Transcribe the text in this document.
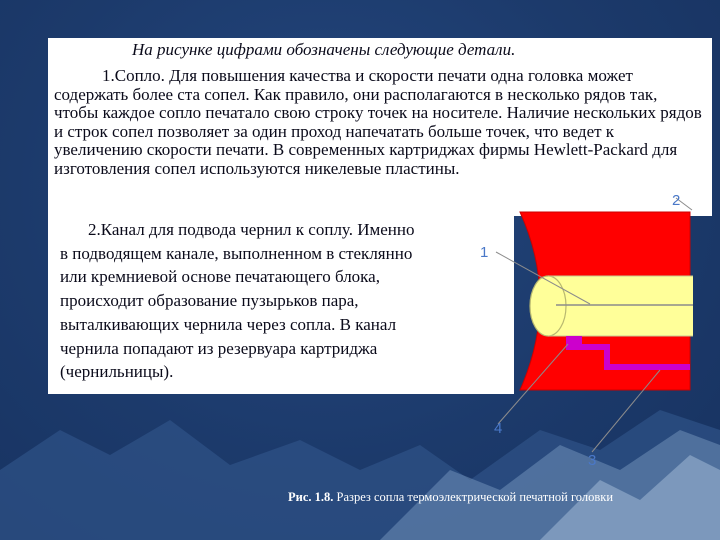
На рисунке цифрами обозначены следующие детали.

1.Сопло. Для повышения качества и скорости печати одна головка может содержать более ста сопел. Как правило, они располагаются в несколько рядов так, чтобы каждое сопло печатало свою строку точек на носителе. Наличие нескольких рядов и строк сопел позволяет за один проход напечатать больше точек, что ведет к увеличению скорости печати. В современных картриджах фирмы Hewlett-Packard для изготовления сопел используются никелевые пластины.

2.Канал для подвода чернил к соплу. Именно
в подводящем канале, выполненном в стеклянно
или кремниевой основе печатающего блока,
происходит образование пузырьков пара,
выталкивающих чернила через сопла. В канал
чернила попадают из резервуара картриджа
(чернильницы).

2
1
4
3
Рис. 1.8. Разрез сопла термоэлектрической печатной головки
